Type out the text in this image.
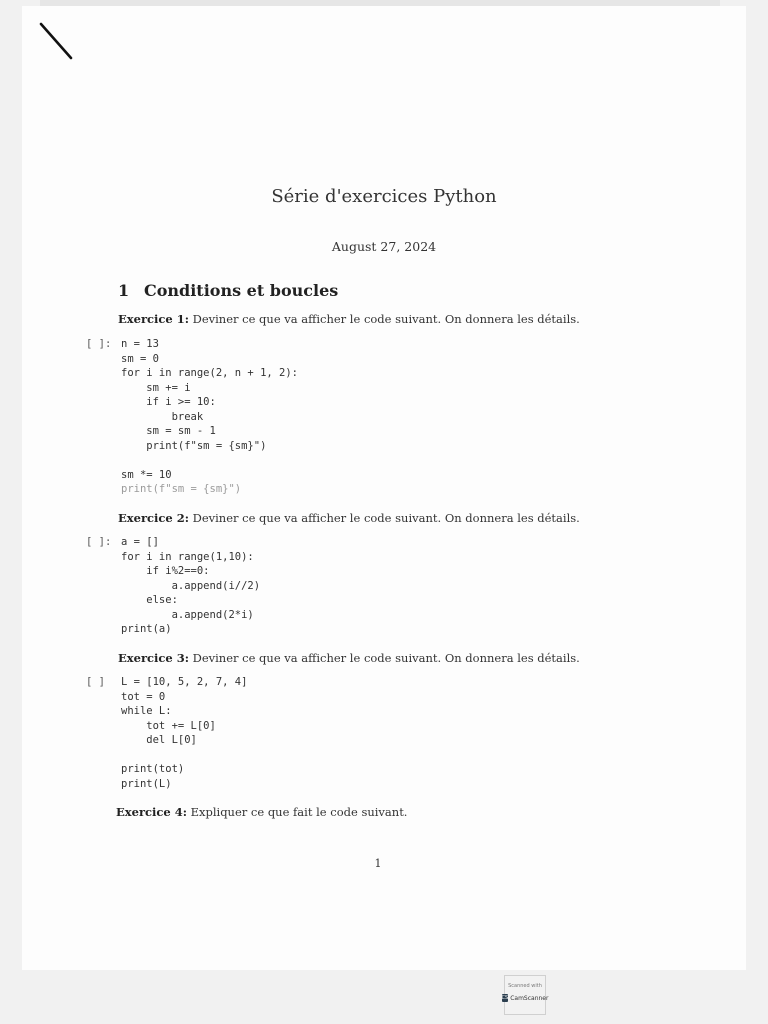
Série d'exercices Python
August 27, 2024
1 Conditions et boucles
Exercice 1: Deviner ce que va afficher le code suivant. On donnera les détails.
[ ]: n = 13
sm = 0
for i in range(2, n + 1, 2):
sm += i
if i >= 10:
break
sm = sm - 1
print(f"sm = {sm}")
sm *= 10
print(f"sm = {sm}")
Exercice 2: Deviner ce que va afficher le code suivant. On donnera les détails.
[ ]: a = []
for i in range(1,10):
if i%2==0:
a.append(i//2)
else:
a.append(2*i)
print(a)
Exercice 3: Deviner ce que va afficher le code suivant. On donnera les détails.
[ ] L = [10, 5, 2, 7, 4]
tot = 0
while L:
tot += L[0]
del L[0]
print(tot)
print(L)
Exercice 4: Expliquer ce que fait le code suivant.
1
Scanned with
CS CamScanner
